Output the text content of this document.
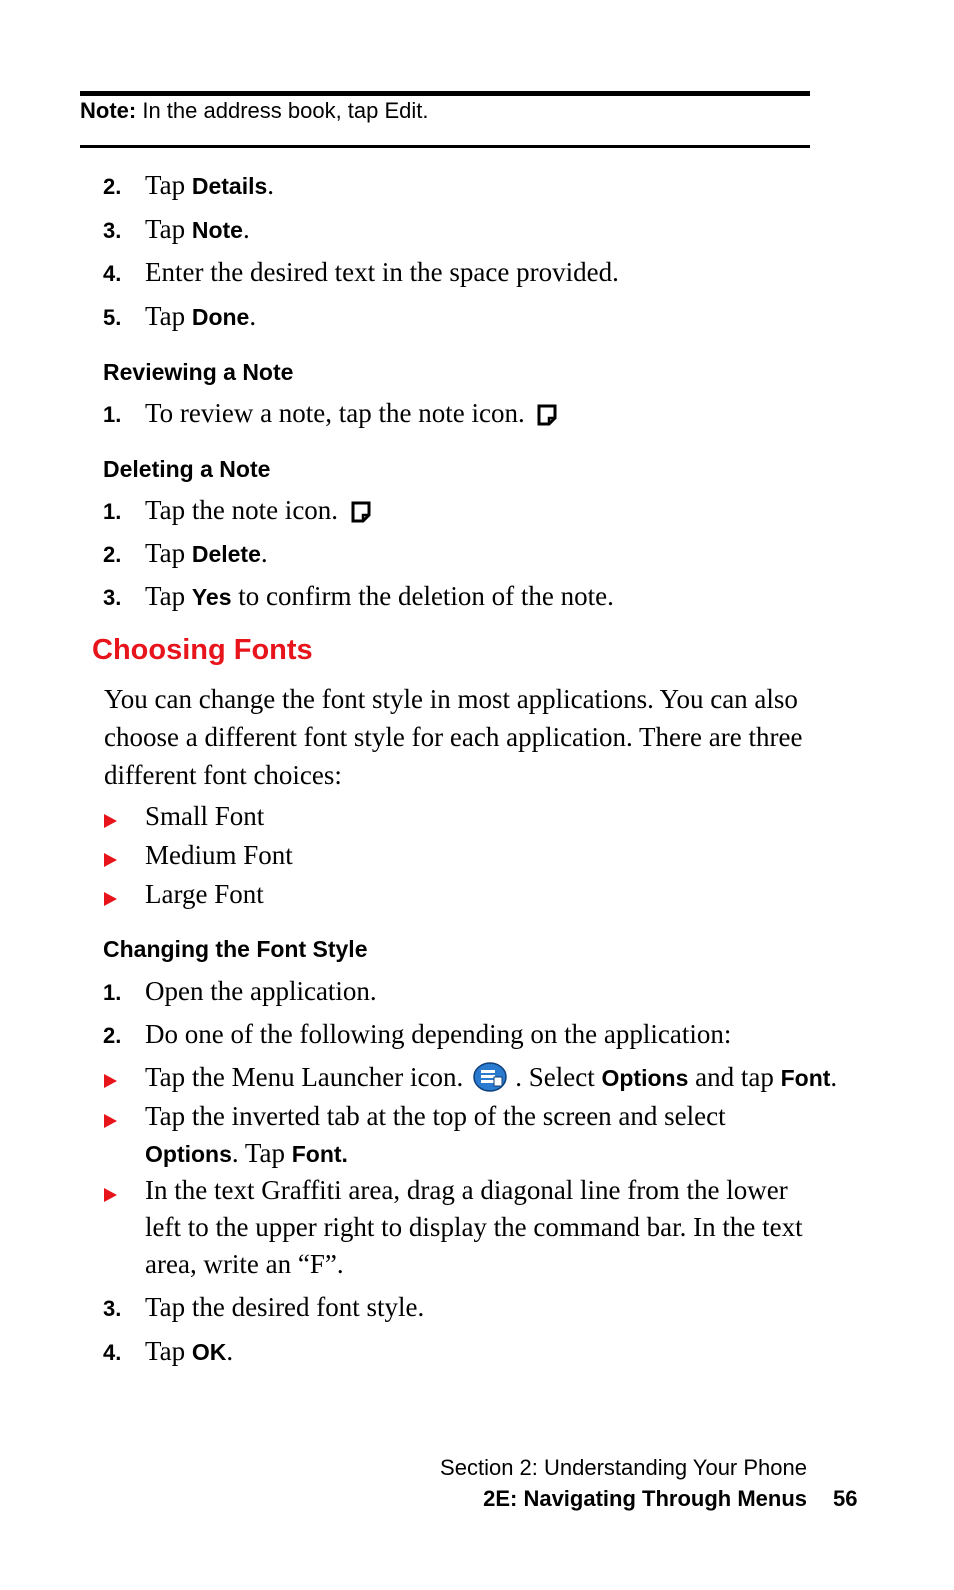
Note: In the address book, tap Edit.
2. Tap Details.
3. Tap Note.
4. Enter the desired text in the space provided.
5. Tap Done.
Reviewing a Note
1. To review a note, tap the note icon.
Deleting a Note
1. Tap the note icon.
2. Tap Delete.
3. Tap Yes to confirm the deletion of the note.
Choosing Fonts
You can change the font style in most applications. You can also choose a different font style for each application. There are three different font choices:
Small Font
Medium Font
Large Font
Changing the Font Style
1. Open the application.
2. Do one of the following depending on the application:
Tap the Menu Launcher icon. . Select Options and tap Font.
Tap the inverted tab at the top of the screen and select Options. Tap Font.
In the text Graffiti area, drag a diagonal line from the lower left to the upper right to display the command bar. In the text area, write an “F”.
3. Tap the desired font style.
4. Tap OK.
Section 2: Understanding Your Phone
2E: Navigating Through Menus 56
